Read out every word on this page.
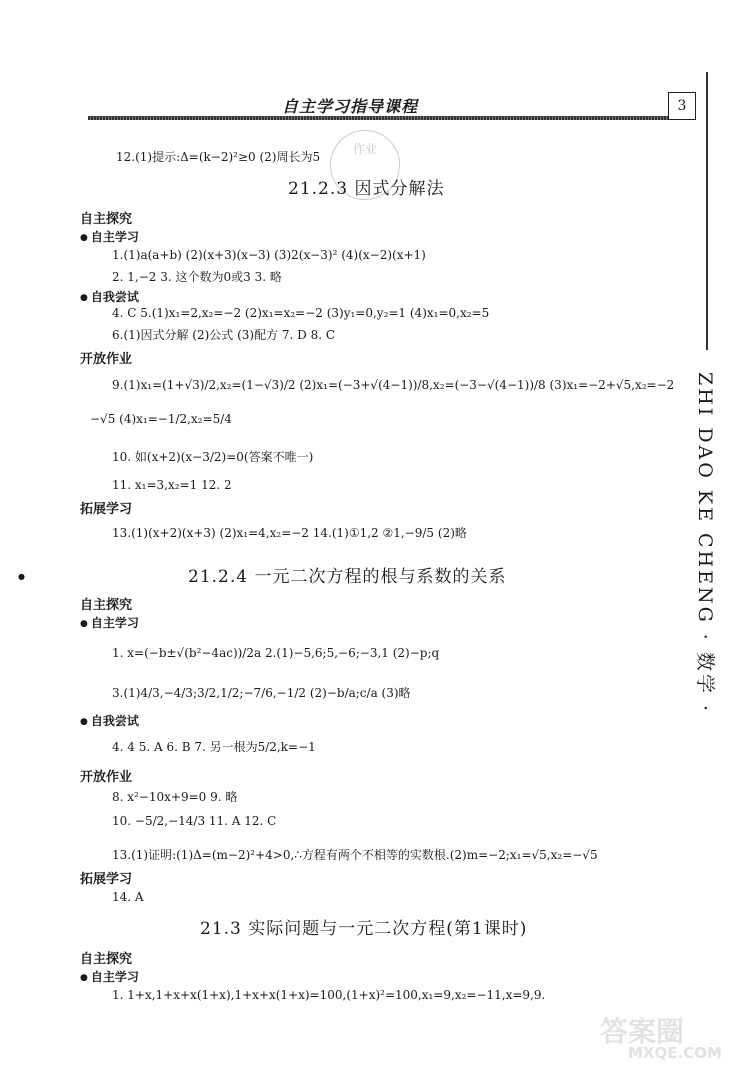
自主学习指导课程	3
ZHI DAO KE CHENG · 数学 ·
作业
●
12.(1)提示:Δ=(k−2)²≥0 (2)周长为5
21.2.3 因式分解法
自主探究
● 自主学习
1.(1)a(a+b) (2)(x+3)(x−3) (3)2(x−3)² (4)(x−2)(x+1)
2. 1,−2 3. 这个数为0或3 3. 略
● 自我尝试
4. C 5.(1)x₁=2,x₂=−2 (2)x₁=x₂=−2 (3)y₁=0,y₂=1 (4)x₁=0,x₂=5
6.(1)因式分解 (2)公式 (3)配方 7. D 8. C
开放作业
9.(1)x₁=(1+√3)/2,x₂=(1−√3)/2 (2)x₁=(−3+√(4−1))/8,x₂=(−3−√(4−1))/8 (3)x₁=−2+√5,x₂=−2
−√5 (4)x₁=−1/2,x₂=5/4
10. 如(x+2)(x−3/2)=0(答案不唯一)
11. x₁=3,x₂=1 12. 2
拓展学习
13.(1)(x+2)(x+3) (2)x₁=4,x₂=−2 14.(1)①1,2 ②1,−9/5 (2)略
21.2.4 一元二次方程的根与系数的关系
自主探究
● 自主学习
1. x=(−b±√(b²−4ac))/2a 2.(1)−5,6;5,−6;−3,1 (2)−p;q
3.(1)4/3,−4/3;3/2,1/2;−7/6,−1/2 (2)−b/a;c/a (3)略
● 自我尝试
4. 4 5. A 6. B 7. 另一根为5/2,k=−1
开放作业
8. x²−10x+9=0 9. 略
10. −5/2,−14/3 11. A 12. C
13.(1)证明:(1)Δ=(m−2)²+4>0,∴方程有两个不相等的实数根.(2)m=−2;x₁=√5,x₂=−√5
拓展学习
14. A
21.3 实际问题与一元二次方程(第1课时)
自主探究
● 自主学习
1. 1+x,1+x+x(1+x),1+x+x(1+x)=100,(1+x)²=100,x₁=9,x₂=−11,x=9,9.
答案圈
MXQE.COM
